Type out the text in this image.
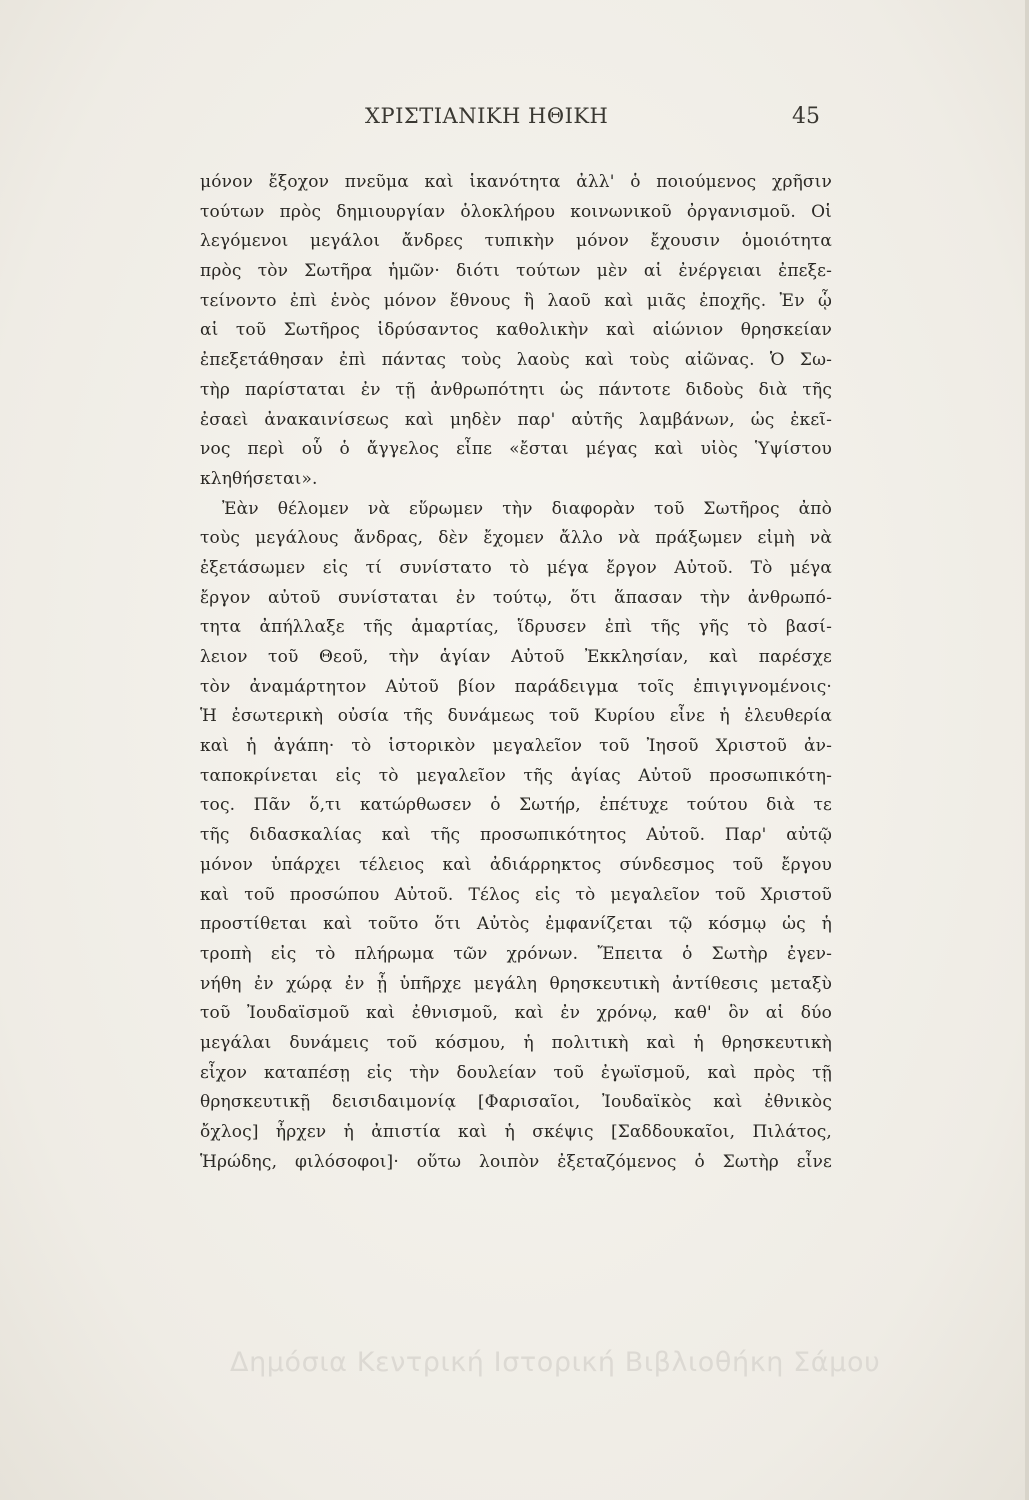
ΧΡΙΣΤΙΑΝΙΚΗ ΗΘΙΚΗ	45
μόνον ἔξοχον πνεῦμα καὶ ἱκανότητα ἀλλ' ὁ ποιούμενος χρῆσιν
τούτων πρὸς δημιουργίαν ὁλοκλήρου κοινωνικοῦ ὀργανισμοῦ. Οἱ
λεγόμενοι μεγάλοι ἄνδρες τυπικὴν μόνον ἔχουσιν ὁμοιότητα
πρὸς τὸν Σωτῆρα ἡμῶν· διότι τούτων μὲν αἱ ἐνέργειαι ἐπεξε-
τείνοντο ἐπὶ ἑνὸς μόνον ἔθνους ἢ λαοῦ καὶ μιᾶς ἐποχῆς. Ἐν ᾧ
αἱ τοῦ Σωτῆρος ἱδρύσαντος καθολικὴν καὶ αἰώνιον θρησκείαν
ἐπεξετάθησαν ἐπὶ πάντας τοὺς λαοὺς καὶ τοὺς αἰῶνας. Ὁ Σω-
τὴρ παρίσταται ἐν τῇ ἀνθρωπότητι ὡς πάντοτε διδοὺς διὰ τῆς
ἐσαεὶ ἀνακαινίσεως καὶ μηδὲν παρ' αὐτῆς λαμβάνων, ὡς ἐκεῖ-
νος περὶ οὗ ὁ ἄγγελος εἶπε «ἔσται μέγας καὶ υἱὸς Ὑψίστου
κληθήσεται».
Ἐὰν θέλομεν νὰ εὕρωμεν τὴν διαφορὰν τοῦ Σωτῆρος ἀπὸ
τοὺς μεγάλους ἄνδρας, δὲν ἔχομεν ἄλλο νὰ πράξωμεν εἰμὴ νὰ
ἐξετάσωμεν εἰς τί συνίστατο τὸ μέγα ἔργον Αὐτοῦ. Τὸ μέγα
ἔργον αὐτοῦ συνίσταται ἐν τούτῳ, ὅτι ἅπασαν τὴν ἀνθρωπό-
τητα ἀπήλλαξε τῆς ἁμαρτίας, ἵδρυσεν ἐπὶ τῆς γῆς τὸ βασί-
λειον τοῦ Θεοῦ, τὴν ἁγίαν Αὐτοῦ Ἐκκλησίαν, καὶ παρέσχε
τὸν ἀναμάρτητον Αὐτοῦ βίον παράδειγμα τοῖς ἐπιγιγνομένοις·
Ἡ ἐσωτερικὴ οὐσία τῆς δυνάμεως τοῦ Κυρίου εἶνε ἡ ἐλευθερία
καὶ ἡ ἀγάπη· τὸ ἱστορικὸν μεγαλεῖον τοῦ Ἰησοῦ Χριστοῦ ἀν-
ταποκρίνεται εἰς τὸ μεγαλεῖον τῆς ἁγίας Αὐτοῦ προσωπικότη-
τος. Πᾶν ὅ,τι κατώρθωσεν ὁ Σωτήρ, ἐπέτυχε τούτου διὰ τε
τῆς διδασκαλίας καὶ τῆς προσωπικότητος Αὐτοῦ. Παρ' αὐτῷ
μόνον ὑπάρχει τέλειος καὶ ἀδιάρρηκτος σύνδεσμος τοῦ ἔργου
καὶ τοῦ προσώπου Αὐτοῦ. Τέλος εἰς τὸ μεγαλεῖον τοῦ Χριστοῦ
προστίθεται καὶ τοῦτο ὅτι Αὐτὸς ἐμφανίζεται τῷ κόσμῳ ὡς ἡ
τροπὴ εἰς τὸ πλήρωμα τῶν χρόνων. Ἔπειτα ὁ Σωτὴρ ἐγεν-
νήθη ἐν χώρᾳ ἐν ᾗ ὑπῆρχε μεγάλη θρησκευτικὴ ἀντίθεσις μεταξὺ
τοῦ Ἰουδαϊσμοῦ καὶ ἐθνισμοῦ, καὶ ἐν χρόνῳ, καθ' ὃν αἱ δύο
μεγάλαι δυνάμεις τοῦ κόσμου, ἡ πολιτικὴ καὶ ἡ θρησκευτικὴ
εἶχον καταπέσῃ εἰς τὴν δουλείαν τοῦ ἐγωϊσμοῦ, καὶ πρὸς τῇ
θρησκευτικῇ δεισιδαιμονίᾳ [Φαρισαῖοι, Ἰουδαϊκὸς καὶ ἐθνικὸς
ὄχλος] ἦρχεν ἡ ἀπιστία καὶ ἡ σκέψις [Σαδδουκαῖοι, Πιλάτος,
Ἡρώδης, φιλόσοφοι]· οὕτω λοιπὸν ἐξεταζόμενος ὁ Σωτὴρ εἶνε
Δημόσια Κεντρική Ιστορική Βιβλιοθήκη Σάμου
